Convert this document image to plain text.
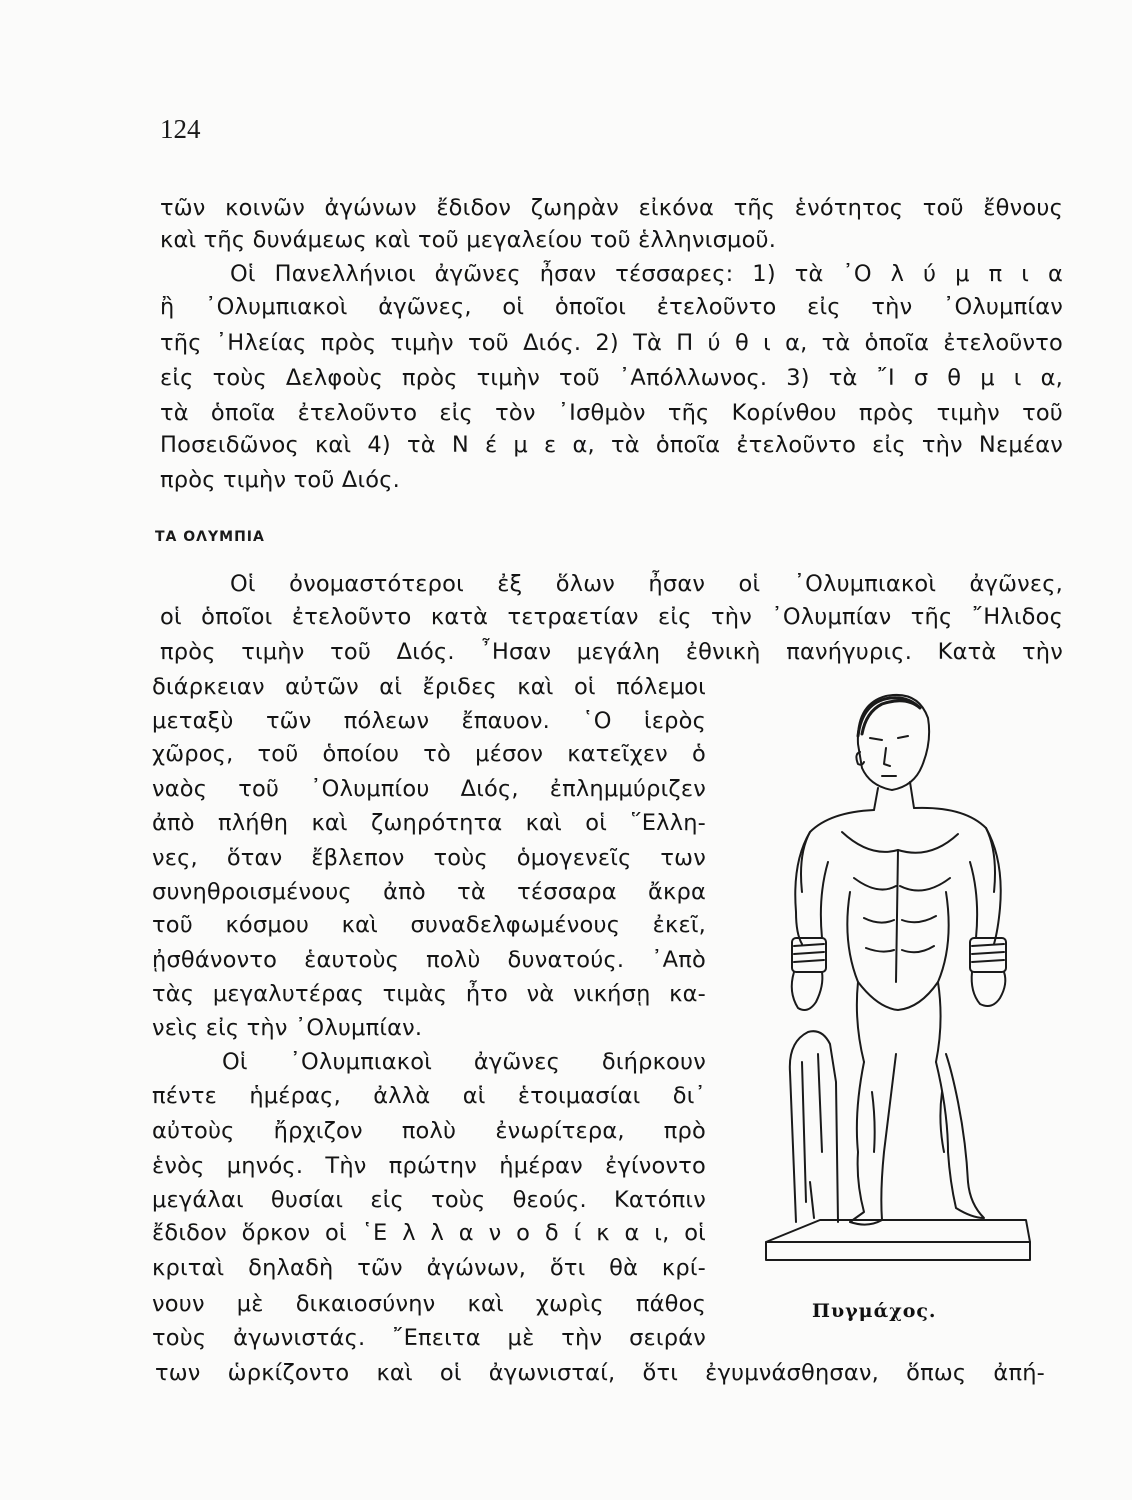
124
τῶν κοινῶν ἀγώνων ἔδιδον ζωηρὰν εἰκόνα τῆς ἑνότητος τοῦ ἔθνους
καὶ τῆς δυνάμεως καὶ τοῦ μεγαλείου τοῦ ἑλληνισμοῦ.
Οἱ Πανελλήνιοι ἀγῶνες ἦσαν τέσσαρες: 1) τὰ ᾿Ο λ ύ μ π ι α
ἢ ᾿Ολυμπιακοὶ ἀγῶνες, οἱ ὁποῖοι ἐτελοῦντο εἰς τὴν ᾿Ολυμπίαν
τῆς ᾿Ηλείας πρὸς τιμὴν τοῦ Διός. 2) Τὰ Π ύ θ ι α, τὰ ὁποῖα ἐτελοῦντο
εἰς τοὺς Δελφοὺς πρὸς τιμὴν τοῦ ᾿Απόλλωνος. 3) τὰ ῎Ι σ θ μ ι α,
τὰ ὁποῖα ἐτελοῦντο εἰς τὸν ᾿Ισθμὸν τῆς Κορίνθου πρὸς τιμὴν τοῦ
Ποσειδῶνος καὶ 4) τὰ Ν έ μ ε α, τὰ ὁποῖα ἐτελοῦντο εἰς τὴν Νεμέαν
πρὸς τιμὴν τοῦ Διός.
ΤΑ ΟΛΥΜΠΙΑ
Οἱ ὀνομαστότεροι ἐξ ὅλων ἦσαν οἱ ᾿Ολυμπιακοὶ ἀγῶνες,
οἱ ὁποῖοι ἐτελοῦντο κατὰ τετραετίαν εἰς τὴν ᾿Ολυμπίαν τῆς ῎Ηλιδος
πρὸς τιμὴν τοῦ Διός. ῏Ησαν μεγάλη ἐθνικὴ πανήγυρις. Κατὰ τὴν
διάρκειαν αὐτῶν αἱ ἔριδες καὶ οἱ πόλεμοι
μεταξὺ τῶν πόλεων ἔπαυον. ῾Ο ἱερὸς
χῶρος, τοῦ ὁποίου τὸ μέσον κατεῖχεν ὁ
ναὸς τοῦ ᾿Ολυμπίου Διός, ἐπλημμύριζεν
ἀπὸ πλήθη καὶ ζωηρότητα καὶ οἱ ῞Ελλη-
νες, ὅταν ἔβλεπον τοὺς ὁμογενεῖς των
συνηθροισμένους ἀπὸ τὰ τέσσαρα ἄκρα
τοῦ κόσμου καὶ συναδελφωμένους ἐκεῖ,
ᾐσθάνοντο ἑαυτοὺς πολὺ δυνατούς. ᾿Απὸ
τὰς μεγαλυτέρας τιμὰς ἦτο νὰ νικήσῃ κα-
νεὶς εἰς τὴν ᾿Ολυμπίαν.
Οἱ ᾿Ολυμπιακοὶ ἀγῶνες διήρκουν
πέντε ἡμέρας, ἀλλὰ αἱ ἑτοιμασίαι δι᾿
αὐτοὺς ἤρχιζον πολὺ ἐνωρίτερα, πρὸ
ἑνὸς μηνός. Τὴν πρώτην ἡμέραν ἐγίνοντο
μεγάλαι θυσίαι εἰς τοὺς θεούς. Κατόπιν
ἔδιδον ὅρκον οἱ ῾Ε λ λ α ν ο δ ί κ α ι, οἱ
κριταὶ δηλαδὴ τῶν ἀγώνων, ὅτι θὰ κρί-
νουν μὲ δικαιοσύνην καὶ χωρὶς πάθος
τοὺς ἀγωνιστάς. ῎Επειτα μὲ τὴν σειράν
των ὡρκίζοντο καὶ οἱ ἀγωνισταί, ὅτι ἐγυμνάσθησαν, ὅπως ἀπή-
Πυγμάχος.
